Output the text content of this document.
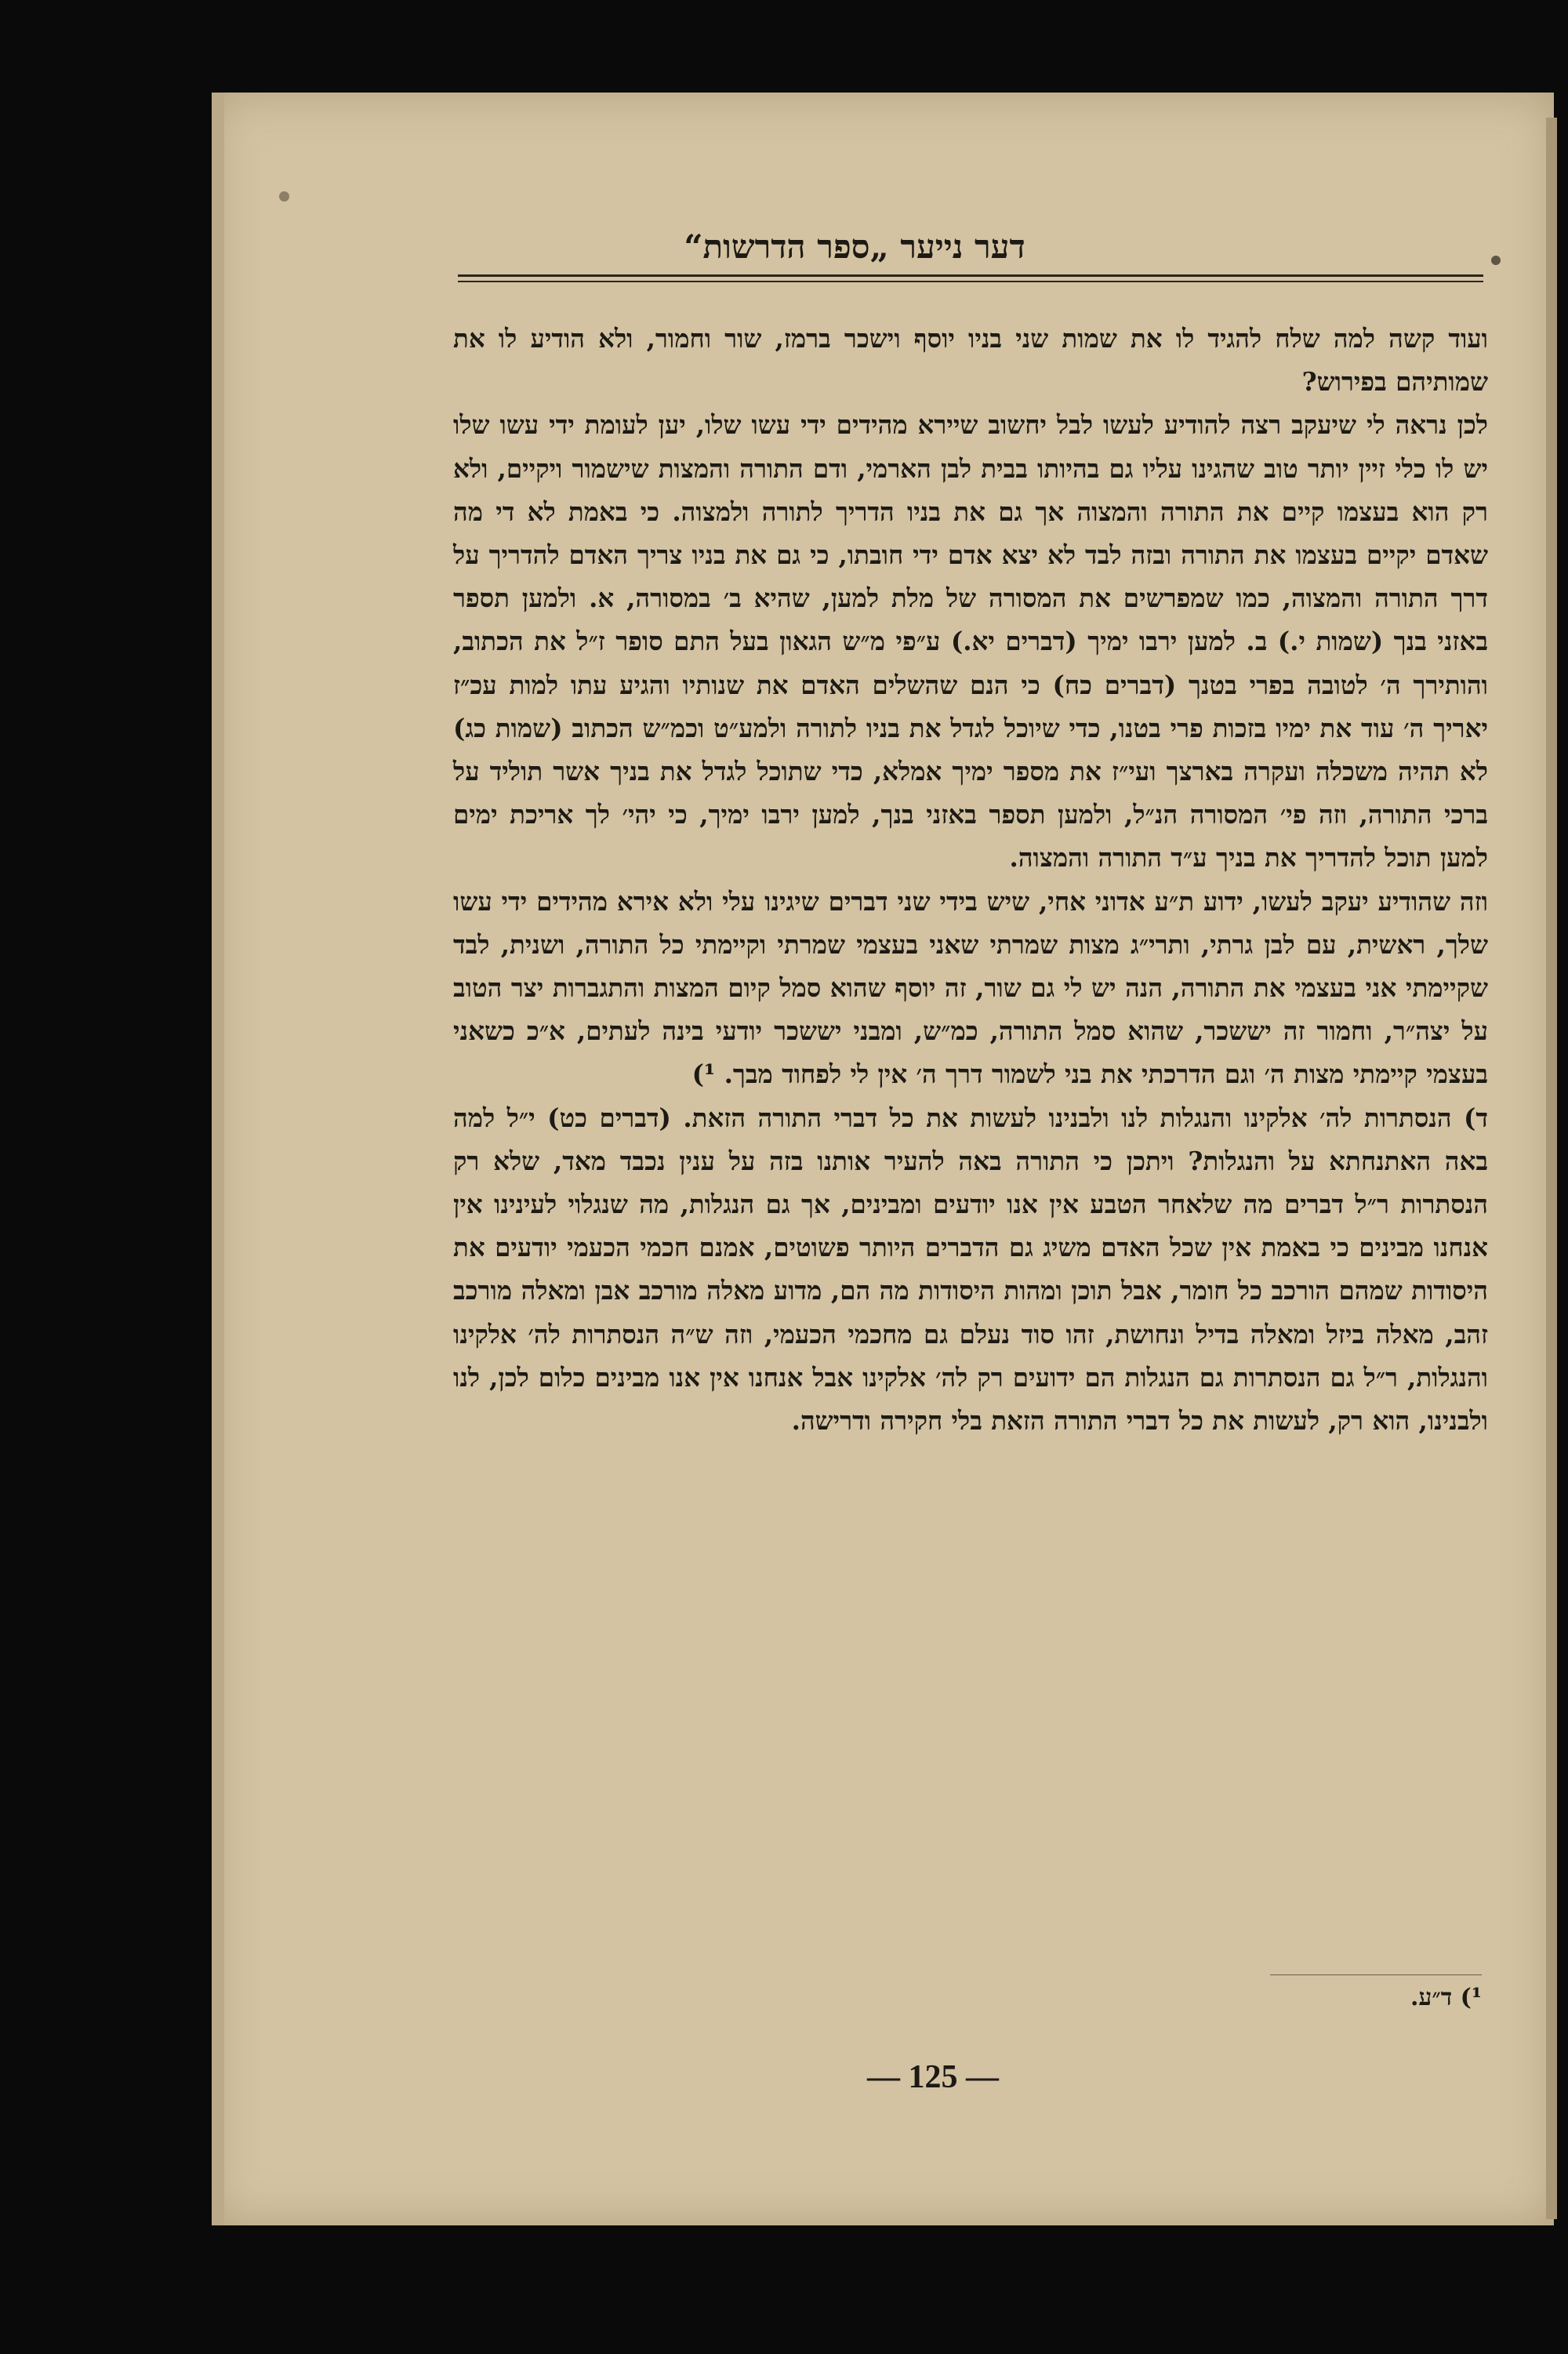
דער נייער „ספר הדרשות“

ועוד קשה למה שלח להגיד לו את שמות שני בניו יוסף וישכר ברמז, שור וחמור, ולא הודיע לו את שמותיהם בפירוש?

לכן נראה לי שיעקב רצה להודיע לעשו לבל יחשוב שיירא מהידים ידי עשו שלו, יען לעומת ידי עשו שלו יש לו כלי זיין יותר טוב שהגינו עליו גם בהיותו בבית לבן הארמי, ודם התורה והמצות שישמור ויקיים, ולא רק הוא בעצמו קיים את התורה והמצוה אך גם את בניו הדריך לתורה ולמצוה. כי באמת לא די מה שאדם יקיים בעצמו את התורה ובזה לבד לא יצא אדם ידי חובתו, כי גם את בניו צריך האדם להדריך על דרך התורה והמצוה, כמו שמפרשים את המסורה של מלת למען, שהיא ב׳ במסורה, א. ולמען תספר באזני בנך (שמות י.) ב. למען ירבו ימיך (דברים יא.) ע״פי מ״ש הגאון בעל התם סופר ז״ל את הכתוב, והותירך ה׳ לטובה בפרי בטנך (דברים כח) כי הנם שהשלים האדם את שנותיו והגיע עתו למות עכ״ז יאריך ה׳ עוד את ימיו בזכות פרי בטנו, כדי שיוכל לגדל את בניו לתורה ולמע״ט וכמ״ש הכתוב (שמות כג) לא תהיה משכלה ועקרה בארצך ועי״ז את מספר ימיך אמלא, כדי שתוכל לגדל את בניך אשר תוליד על ברכי התורה, וזה פי׳ המסורה הנ״ל, ולמען תספר באזני בנך, למען ירבו ימיך, כי יהי׳ לך אריכת ימים למען תוכל להדריך את בניך ע״ד התורה והמצוה.

וזה שהודיע יעקב לעשו, ידוע ת״ע אדוני אחי, שיש בידי שני דברים שיגינו עלי ולא אירא מהידים ידי עשו שלך, ראשית, עם לבן גרתי, ותרי״ג מצות שמרתי שאני בעצמי שמרתי וקיימתי כל התורה, ושנית, לבד שקיימתי אני בעצמי את התורה, הנה יש לי גם שור, זה יוסף שהוא סמל קיום המצות והתגברות יצר הטוב על יצה״ר, וחמור זה יששכר, שהוא סמל התורה, כמ״ש, ומבני יששכר יודעי בינה לעתים, א״כ כשאני בעצמי קיימתי מצות ה׳ וגם הדרכתי את בני לשמור דרך ה׳ אין לי לפחוד מבך. ¹)

ד) הנסתרות לה׳ אלקינו והנגלות לנו ולבנינו לעשות את כל דברי התורה הזאת. (דברים כט) י״ל למה באה האתנחתא על והנגלות? ויתכן כי התורה באה להעיר אותנו בזה על ענין נכבד מאד, שלא רק הנסתרות ר״ל דברים מה שלאחר הטבע אין אנו יודעים ומבינים, אך גם הנגלות, מה שנגלוי לעינינו אין אנחנו מבינים כי באמת אין שכל האדם משיג גם הדברים היותר פשוטים, אמנם חכמי הכעמי יודעים את היסודות שמהם הורכב כל חומר, אבל תוכן ומהות היסודות מה הם, מדוע מאלה מורכב אבן ומאלה מורכב זהב, מאלה ביזל ומאלה בדיל ונחושת, זהו סוד נעלם גם מחכמי הכעמי, וזה ש״ה הנסתרות לה׳ אלקינו והנגלות, ר״ל גם הנסתרות גם הנגלות הם ידועים רק לה׳ אלקינו אבל אנחנו אין אנו מבינים כלום לכן, לנו ולבנינו, הוא רק, לעשות את כל דברי התורה הזאת בלי חקירה ודרישה.

¹) ד״ע.

— 125 —
